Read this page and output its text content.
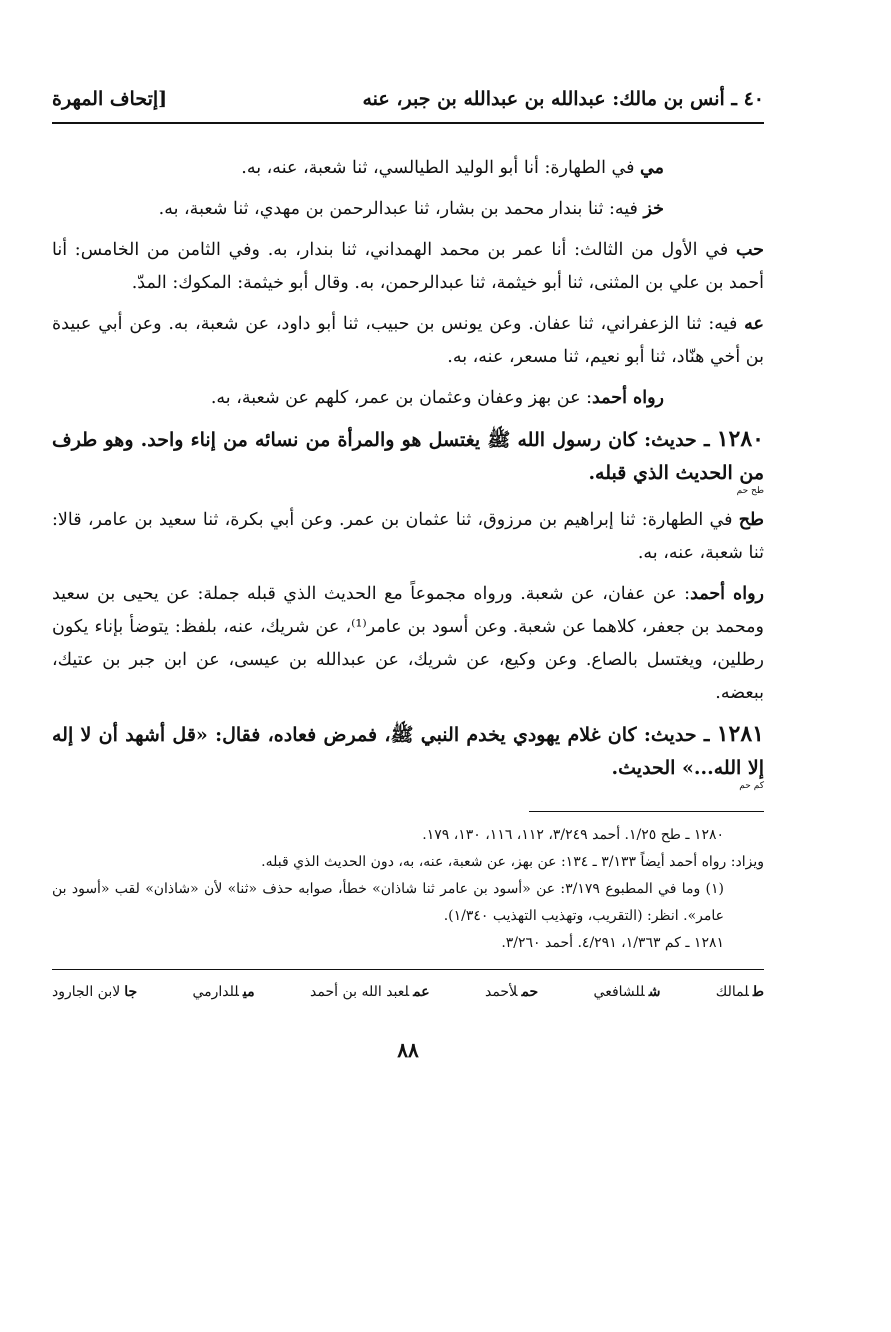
٤٠ ـ أنس بن مالك: عبدالله بن عبدالله بن جبر، عنه
[إتحاف المهرة

مي في الطهارة: أنا أبو الوليد الطيالسي، ثنا شعبة، عنه، به.

خز فيه: ثنا بندار محمد بن بشار، ثنا عبدالرحمن بن مهدي، ثنا شعبة، به.

حب في الأول من الثالث: أنا عمر بن محمد الهمداني، ثنا بندار، به. وفي الثامن من الخامس: أنا أحمد بن علي بن المثنى، ثنا أبو خيثمة، ثنا عبدالرحمن، به. وقال أبو خيثمة: المكوك: المدّ.

عه فيه: ثنا الزعفراني، ثنا عفان. وعن يونس بن حبيب، ثنا أبو داود، عن شعبة، به. وعن أبي عبيدة بن أخي هنّاد، ثنا أبو نعيم، ثنا مسعر، عنه، به.

رواه أحمد: عن بهز وعفان وعثمان بن عمر، كلهم عن شعبة، به.

١٢٨٠ ـ حديث: كان رسول الله ﷺ يغتسل هو والمرأة من نسائه من إناء واحد. وهو طرف من الحديث الذي قبله.
طح حم

طح في الطهارة: ثنا إبراهيم بن مرزوق، ثنا عثمان بن عمر. وعن أبي بكرة، ثنا سعيد بن عامر، قالا: ثنا شعبة، عنه، به.

رواه أحمد: عن عفان، عن شعبة. ورواه مجموعاً مع الحديث الذي قبله جملة: عن يحيى بن سعيد ومحمد بن جعفر، كلاهما عن شعبة. وعن أسود بن عامر⁽¹⁾، عن شريك، عنه، بلفظ: يتوضأ بإناء يكون رطلين، ويغتسل بالصاع. وعن وكيع، عن شريك، عن عبدالله بن عيسى، عن ابن جبر بن عتيك، ببعضه.

١٢٨١ ـ حديث: كان غلام يهودي يخدم النبي ﷺ، فمرض فعاده، فقال: «قل أشهد أن لا إله إلا الله...» الحديث.
كم حم
١٢٨٠ ـ طح ١/٢٥. أحمد ٣/٢٤٩، ١١٢، ١١٦، ١٣٠، ١٧٩.
ويزاد: رواه أحمد أيضاً ٣/١٣٣ ـ ١٣٤: عن بهز، عن شعبة، عنه، به، دون الحديث الذي قبله.
(١) وما في المطبوع ٣/١٧٩: عن «أسود بن عامر ثنا شاذان» خطأ، صوابه حذف «ثنا» لأن «شاذان» لقب «أسود بن عامر». انظر: (التقريب، وتهذيب التهذيب ١/٣٤٠).
١٢٨١ ـ كم ١/٣٦٣، ٤/٢٩١. أحمد ٣/٢٦٠.
طلمالك
شللشافعي
حملأحمد
عملعبد الله بن أحمد
ميللدارمي
جالابن الجارود
٨٨
